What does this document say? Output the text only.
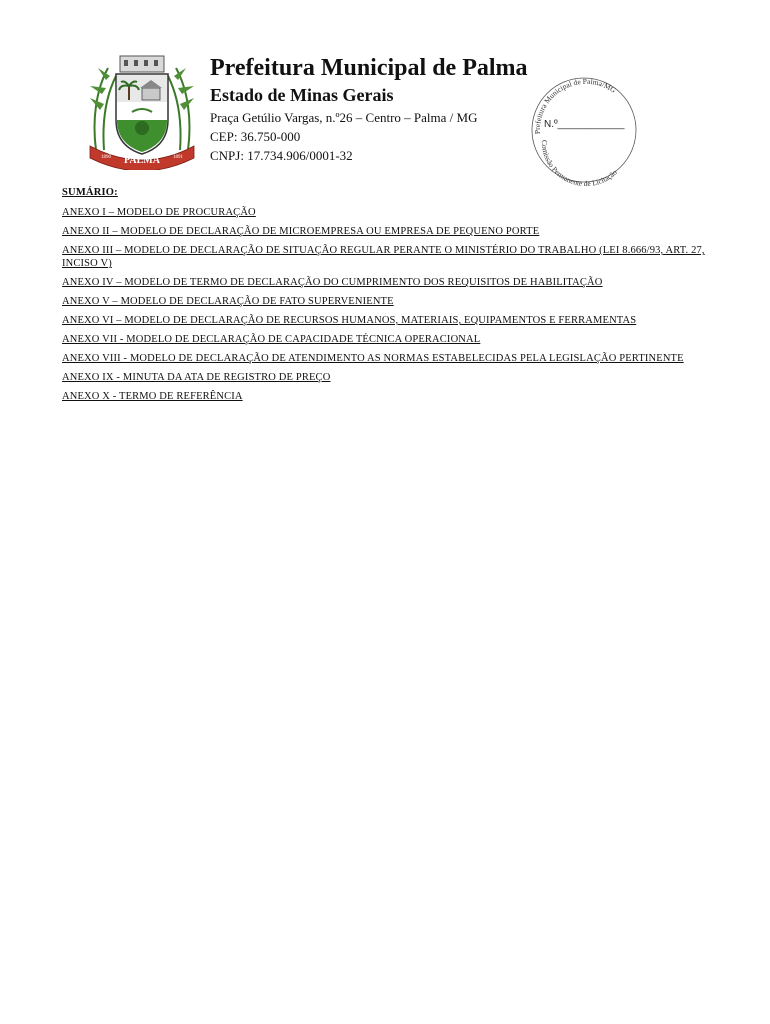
PALMA
1890	1891
Prefeitura Municipal de Palma
Estado de Minas Gerais
Praça Getúlio Vargas, n.º26 – Centro – Palma / MG
CEP: 36.750-000
CNPJ: 17.734.906/0001-32
Prefeitura Municipal de Palma/MG
Comissão Permanente de Licitação
N.º____________
SUMÁRIO:
ANEXO I – MODELO DE PROCURAÇÃO
ANEXO II – MODELO DE DECLARAÇÃO DE MICROEMPRESA OU EMPRESA DE PEQUENO PORTE
ANEXO III – MODELO DE DECLARAÇÃO DE SITUAÇÃO REGULAR PERANTE O MINISTÉRIO DO TRABALHO (LEI 8.666/93, ART. 27, INCISO V)
ANEXO IV – MODELO DE TERMO DE DECLARAÇÃO DO CUMPRIMENTO DOS REQUISITOS DE HABILITAÇÃO
ANEXO V – MODELO DE DECLARAÇÃO DE FATO SUPERVENIENTE
ANEXO VI – MODELO DE DECLARAÇÃO DE RECURSOS HUMANOS, MATERIAIS, EQUIPAMENTOS E FERRAMENTAS
ANEXO VII - MODELO DE DECLARAÇÃO DE CAPACIDADE TÉCNICA OPERACIONAL
ANEXO VIII - MODELO DE DECLARAÇÃO DE ATENDIMENTO AS NORMAS ESTABELECIDAS PELA LEGISLAÇÃO PERTINENTE
ANEXO IX - MINUTA DA ATA DE REGISTRO DE PREÇO
ANEXO X - TERMO DE REFERÊNCIA
